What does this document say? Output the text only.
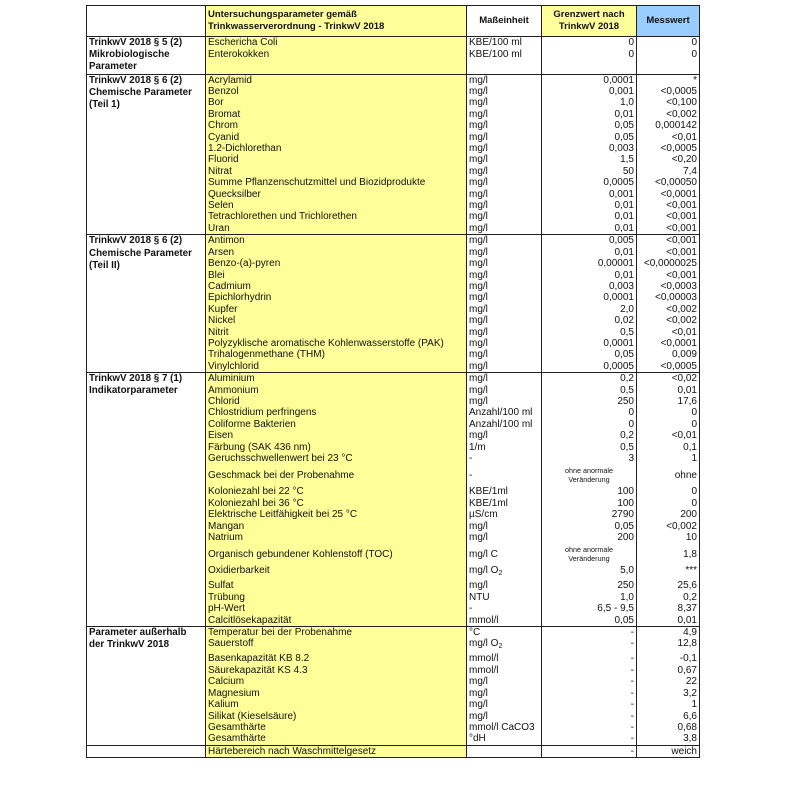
	Untersuchungsparameter gemäß Trinkwasserverordnung - TrinkwV 2018	Maßeinheit	Grenzwert nach TrinkwV 2018	Messwert
TrinkwV 2018 § 5 (2) Mikrobiologische Parameter	Eschericha Coli	KBE/100 ml	0	0
	Enterokokken	KBE/100 ml	0	0

TrinkwV 2018 § 6 (2) Chemische Parameter (Teil 1)	Acrylamid	mg/l	0,0001	*
	Benzol	mg/l	0,001	<0,0005
	Bor	mg/l	1,0	<0,100
	Bromat	mg/l	0,01	<0,002
	Chrom	mg/l	0,05	0,000142
	Cyanid	mg/l	0,05	<0,01
	1.2-Dichlorethan	mg/l	0,003	<0,0005
	Fluorid	mg/l	1,5	<0,20
	Nitrat	mg/l	50	7,4
	Summe Pflanzenschutzmittel und Biozidprodukte	mg/l	0,0005	<0,00050
	Quecksilber	mg/l	0,001	<0,0001
	Selen	mg/l	0,01	<0,001
	Tetrachlorethen und Trichlorethen	mg/l	0,01	<0,001
	Uran	mg/l	0,01	<0,001
TrinkwV 2018 § 6 (2) Chemische Parameter (Teil II)	Antimon	mg/l	0,005	<0,001
	Arsen	mg/l	0,01	<0,001
	Benzo-(a)-pyren	mg/l	0,00001	<0,0000025
	Blei	mg/l	0,01	<0,001
	Cadmium	mg/l	0,003	<0,0003
	Epichlorhydrin	mg/l	0,0001	<0,00003
	Kupfer	mg/l	2,0	<0,002
	Nickel	mg/l	0,02	<0,002
	Nitrit	mg/l	0,5	<0,01
	Polyzyklische aromatische Kohlenwasserstoffe (PAK)	mg/l	0,0001	<0,0001
	Trihalogenmethane (THM)	mg/l	0,05	0,009
	Vinylchlorid	mg/l	0,0005	<0,0005
TrinkwV 2018 § 7 (1) Indikatorparameter	Aluminium	mg/l	0,2	<0,02
	Ammonium	mg/l	0,5	0,01
	Chlorid	mg/l	250	17,6
	Chlostridium perfringens	Anzahl/100 ml	0	0
	Coliforme Bakterien	Anzahl/100 ml	0	0
	Eisen	mg/l	0,2	<0,01
	Färbung (SAK 436 nm)	1/m	0,5	0,1
	Geruchsschwellenwert bei 23 °C	-	3	1
	Geschmack bei der Probenahme	-	ohne anormale Veränderung	ohne
	Koloniezahl bei 22 °C	KBE/1ml	100	0
	Koloniezahl bei 36 °C	KBE/1ml	100	0
	Elektrische Leitfähigkeit bei 25 °C	µS/cm	2790	200
	Mangan	mg/l	0,05	<0,002
	Natrium	mg/l	200	10
	Organisch gebundener Kohlenstoff (TOC)	mg/l C	ohne anormale Veränderung	1,8
	Oxidierbarkeit	mg/l $O_2$	5,0	***
	Sulfat	mg/l	250	25,6
	Trübung	NTU	1,0	0,2
	pH-Wert	-	6,5 - 9,5	8,37
	Calcitlösekapazität	mmol/l	0,05	0,01
Parameter außerhalb der TrinkwV 2018	Temperatur bei der Probenahme	°C	-	4,9
	Sauerstoff	mg/l $O_2$	-	12,8
	Basenkapazität KB 8.2	mmol/l	-	-0,1
	Säurekapazität KS 4.3	mmol/l	-	0,67
	Calcium	mg/l	-	22
	Magnesium	mg/l	-	3,2
	Kalium	mg/l	-	1
	Silikat (Kieselsäure)	mg/l	-	6,6
	Gesamthärte	mmol/l CaCO3	-	0,68
	Gesamthärte	°dH	-	3,8
	Härtebereich nach Waschmittelgesetz		-	weich
